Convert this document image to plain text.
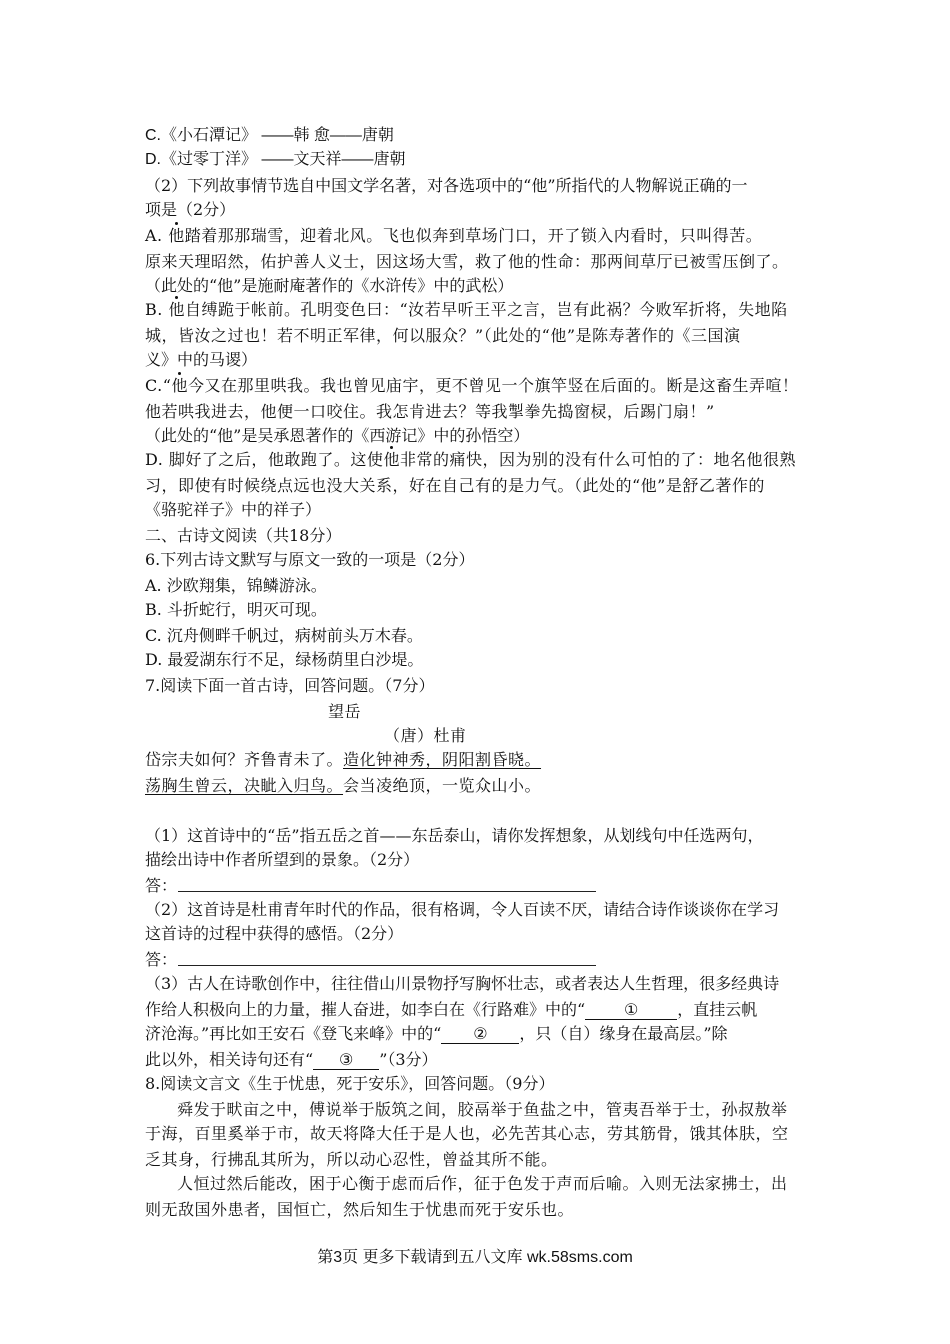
C.《小石潭记》 ——韩 愈——唐朝
D.《过零丁洋》 ——文天祥——唐朝
（2）下列故事情节选自中国文学名著，对各选项中的“他”所指代的人物解说正确的一
项是（2分）
A. 他踏着那那瑞雪，迎着北风。飞也似奔到草场门口，开了锁入内看时，只叫得苦。
原来天理昭然，佑护善人义士，因这场大雪，救了他的性命：那两间草厅已被雪压倒了。
（此处的“他”是施耐庵著作的《水浒传》中的武松）
B. 他自缚跪于帐前。孔明变色曰：“汝若早听王平之言，岂有此祸？今败军折将，失地陷
城，皆汝之过也！若不明正军律，何以服众？”（此处的“他”是陈寿著作的《三国演
义》中的马谡）
C.“他今又在那里哄我。我也曾见庙宇，更不曾见一个旗竿竖在后面的。断是这畜生弄喧！
他若哄我进去，他便一口咬住。我怎肯进去？等我掣拳先捣窗棂，后踢门扇！”
（此处的“他”是吴承恩著作的《西游记》中的孙悟空）
D. 脚好了之后，他敢跑了。这使他非常的痛快，因为别的没有什么可怕的了：地名他很熟
习，即使有时候绕点远也没大关系，好在自己有的是力气。（此处的“他”是舒乙著作的
《骆驼祥子》中的祥子）
二、古诗文阅读（共18分）
6.下列古诗文默写与原文一致的一项是（2分）
A. 沙欧翔集，锦鳞游泳。
B. 斗折蛇行，明灭可现。
C. 沉舟侧畔千帆过，病树前头万木春。
D. 最爱湖东行不足，绿杨荫里白沙堤。
7.阅读下面一首古诗，回答问题。（7分）
望岳
（唐）杜甫
岱宗夫如何？齐鲁青未了。造化钟神秀，阴阳割昏晓。
荡胸生曾云，决眦入归鸟。会当凌绝顶，一览众山小。
（1）这首诗中的“岳”指五岳之首——东岳泰山，请你发挥想象，从划线句中任选两句，
描绘出诗中作者所望到的景象。（2分）
答：
（2）这首诗是杜甫青年时代的作品，很有格调，令人百读不厌，请结合诗作谈谈你在学习
这首诗的过程中获得的感悟。（2分）
答：
（3）古人在诗歌创作中，往往借山川景物抒写胸怀壮志，或者表达人生哲理，很多经典诗
作给人积极向上的力量，摧人奋进，如李白在《行路难》中的“ ① ，直挂云帆
济沧海。”再比如王安石《登飞来峰》中的“ ② ，只（自）缘身在最高层。”除
此以外，相关诗句还有“ ③ ”（3分）
8.阅读文言文《生于忧患，死于安乐》，回答问题。（9分）
舜发于畎亩之中，傅说举于版筑之间，胶鬲举于鱼盐之中，管夷吾举于士，孙叔敖举
于海，百里奚举于市，故天将降大任于是人也，必先苦其心志，劳其筋骨，饿其体肤，空
乏其身，行拂乱其所为，所以动心忍性，曾益其所不能。
人恒过然后能改，困于心衡于虑而后作，征于色发于声而后喻。入则无法家拂士，出
则无敌国外患者，国恒亡，然后知生于忧患而死于安乐也。
第3页 更多下载请到五八文库 wk.58sms.com
